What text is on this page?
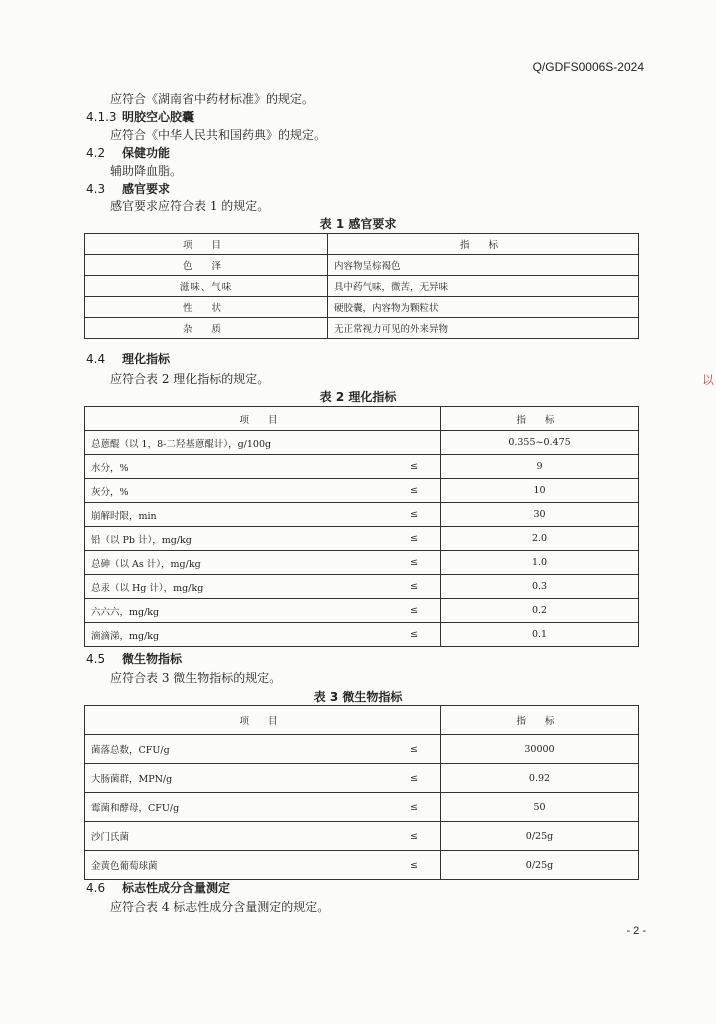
Q/GDFS0006S-2024
应符合《湖南省中药材标准》的规定。
4.1.3 明胶空心胶囊
应符合《中华人民共和国药典》的规定。
4.2 保健功能
辅助降血脂。
4.3 感官要求
感官要求应符合表 1 的规定。
表 1 感官要求
项 目	指 标
色 泽	内容物呈棕褐色
滋味、气味	具中药气味，微苦，无异味
性 状	硬胶囊，内容物为颗粒状
杂 质	无正常视力可见的外来异物
4.4 理化指标
应符合表 2 理化指标的规定。
表 2 理化指标
项 目		指 标
总蒽醌（以 1，8-二羟基蒽醌计），g/100g		0.355~0.475
水分，%	≤	9
灰分，%	≤	10
崩解时限，min	≤	30
铅（以 Pb 计），mg/kg	≤	2.0
总砷（以 As 计），mg/kg	≤	1.0
总汞（以 Hg 计），mg/kg	≤	0.3
六六六，mg/kg	≤	0.2
滴滴涕，mg/kg	≤	0.1
4.5 微生物指标
应符合表 3 微生物指标的规定。
表 3 微生物指标
项 目		指 标
菌落总数，CFU/g	≤	30000
大肠菌群，MPN/g	≤	0.92
霉菌和酵母，CFU/g	≤	50
沙门氏菌	≤	0/25g
金黄色葡萄球菌	≤	0/25g
4.6 标志性成分含量测定
应符合表 4 标志性成分含量测定的规定。
- 2 -
以
